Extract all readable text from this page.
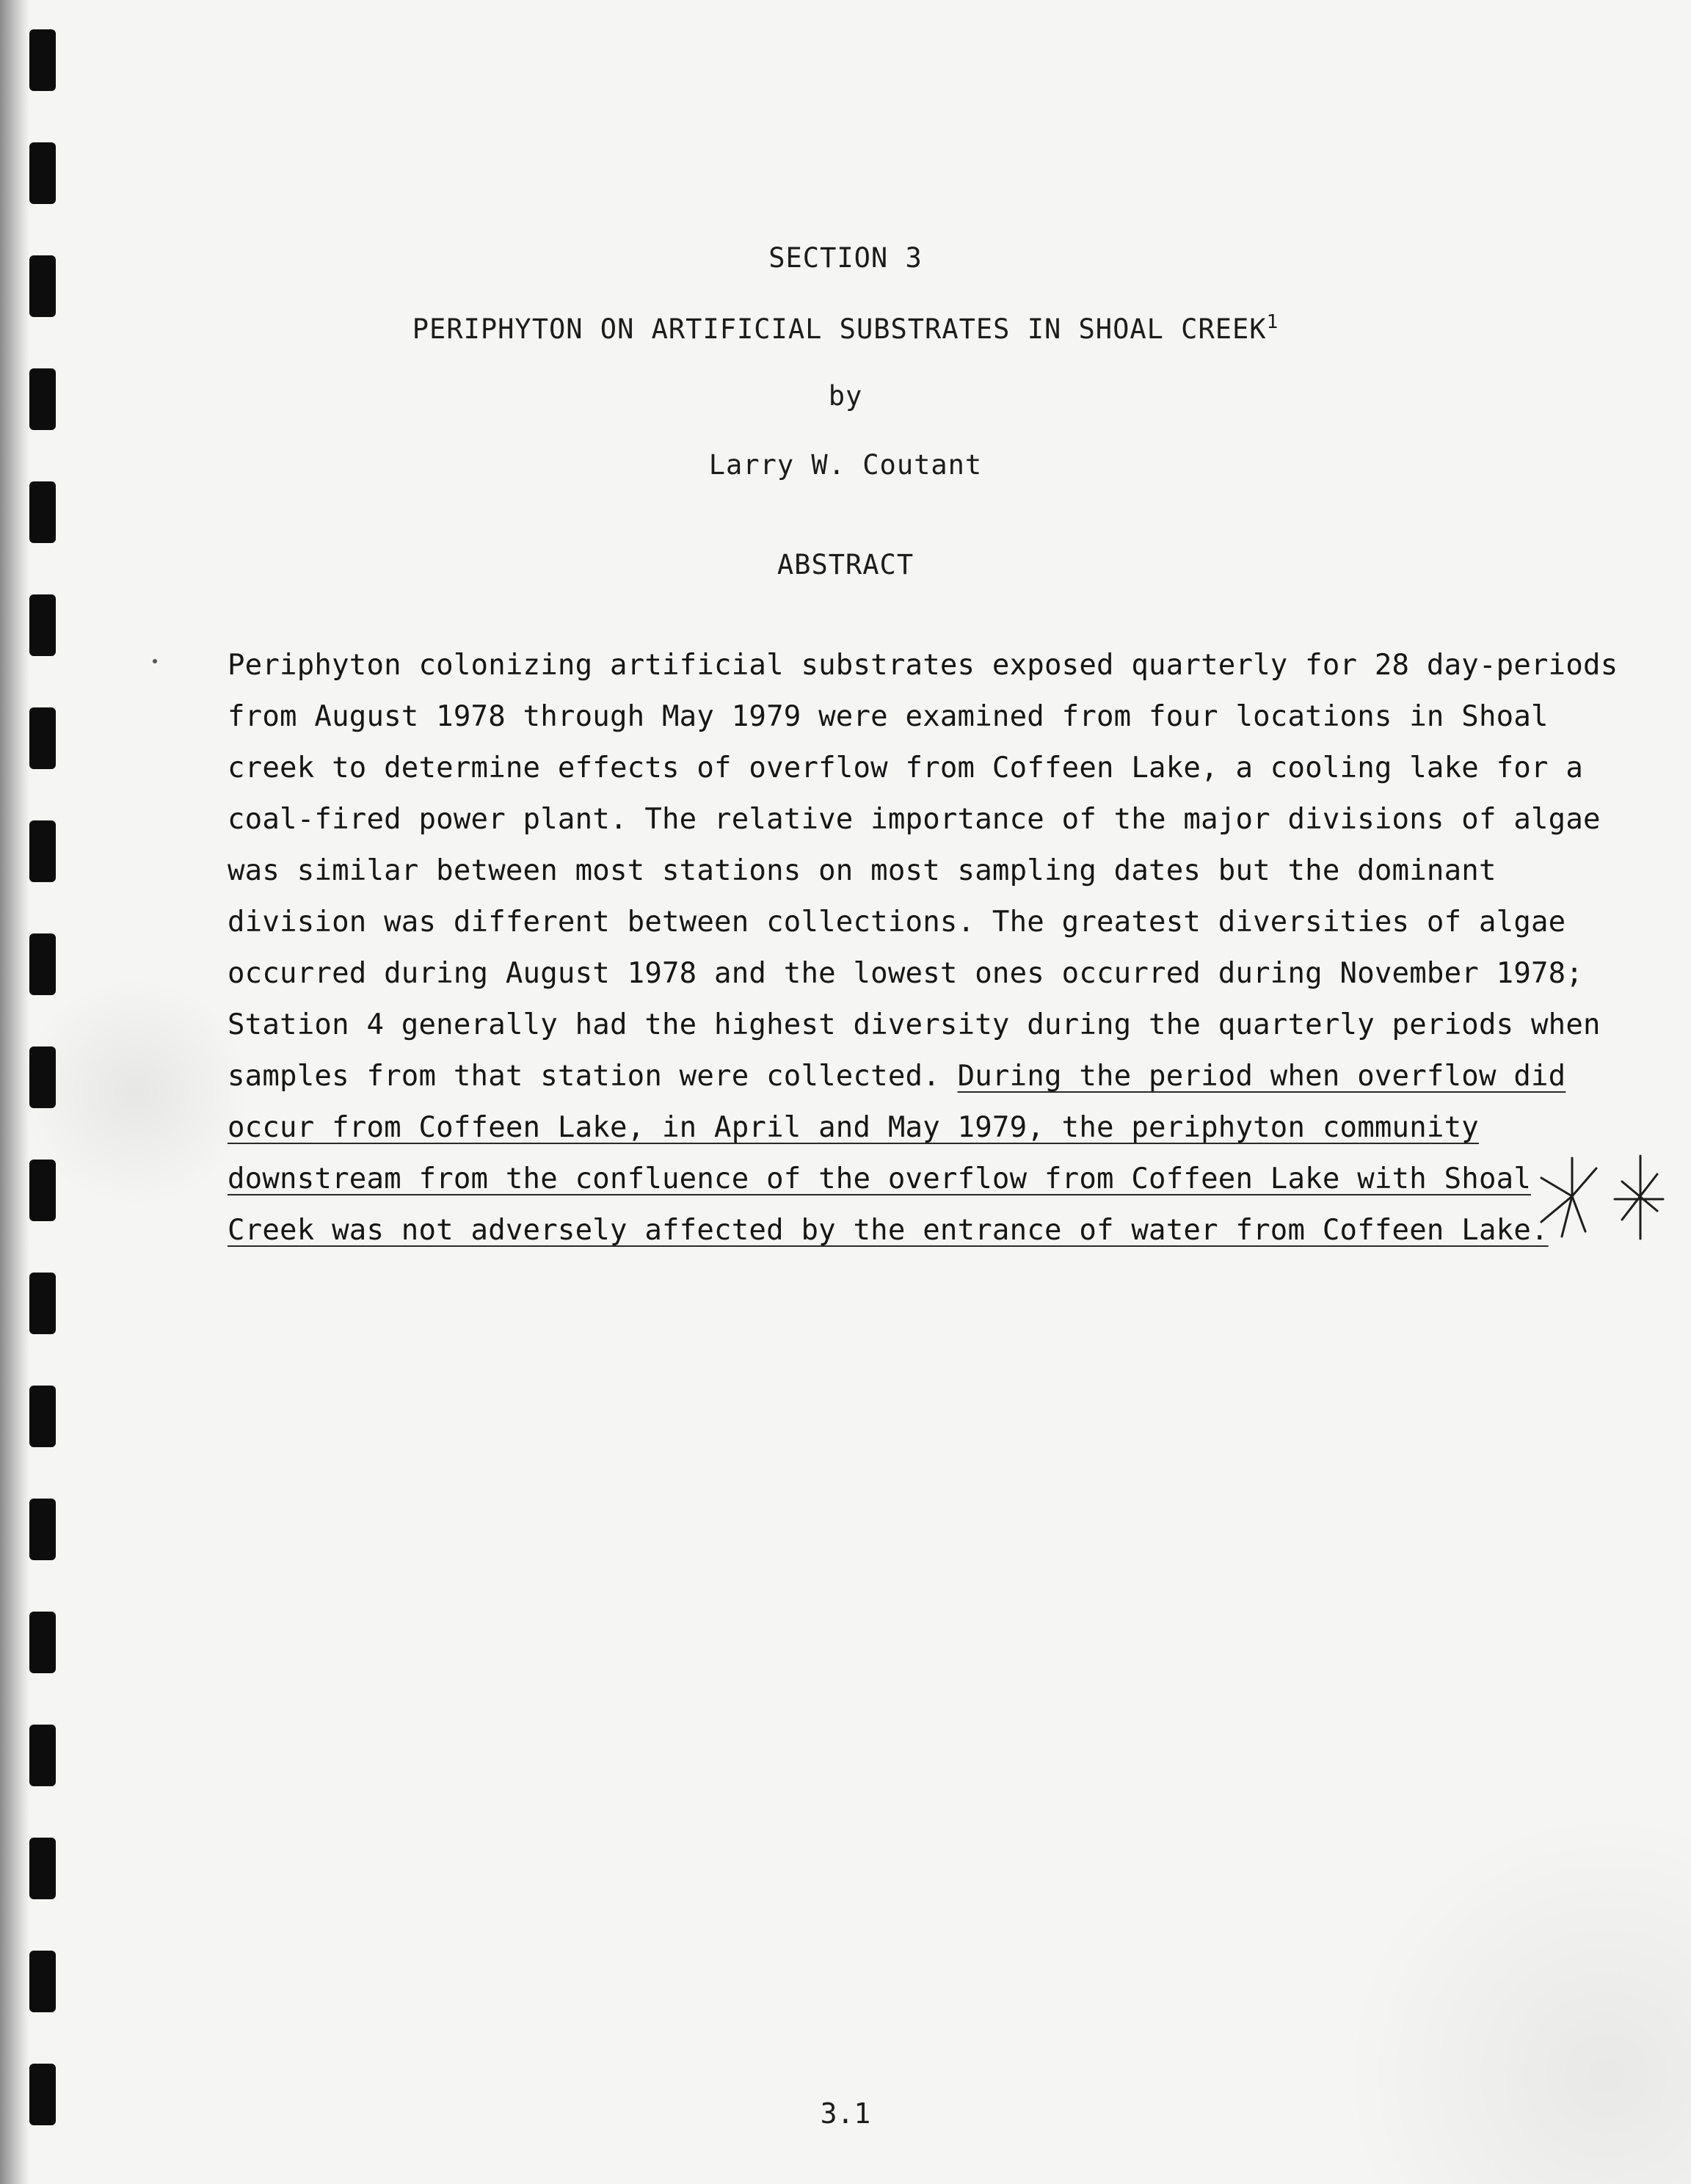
SECTION 3
PERIPHYTON ON ARTIFICIAL SUBSTRATES IN SHOAL CREEK$^1$
by
Larry W. Coutant
ABSTRACT
Periphyton colonizing artificial substrates exposed quarterly for 28 day-periods
from August 1978 through May 1979 were examined from four locations in Shoal
creek to determine effects of overflow from Coffeen Lake, a cooling lake for a
coal-fired power plant. The relative importance of the major divisions of algae
was similar between most stations on most sampling dates but the dominant
division was different between collections. The greatest diversities of algae
occurred during August 1978 and the lowest ones occurred during November 1978;
Station 4 generally had the highest diversity during the quarterly periods when
samples from that station were collected. During the period when overflow did
occur from Coffeen Lake, in April and May 1979, the periphyton community
downstream from the confluence of the overflow from Coffeen Lake with Shoal
Creek was not adversely affected by the entrance of water from Coffeen Lake.
3.1
